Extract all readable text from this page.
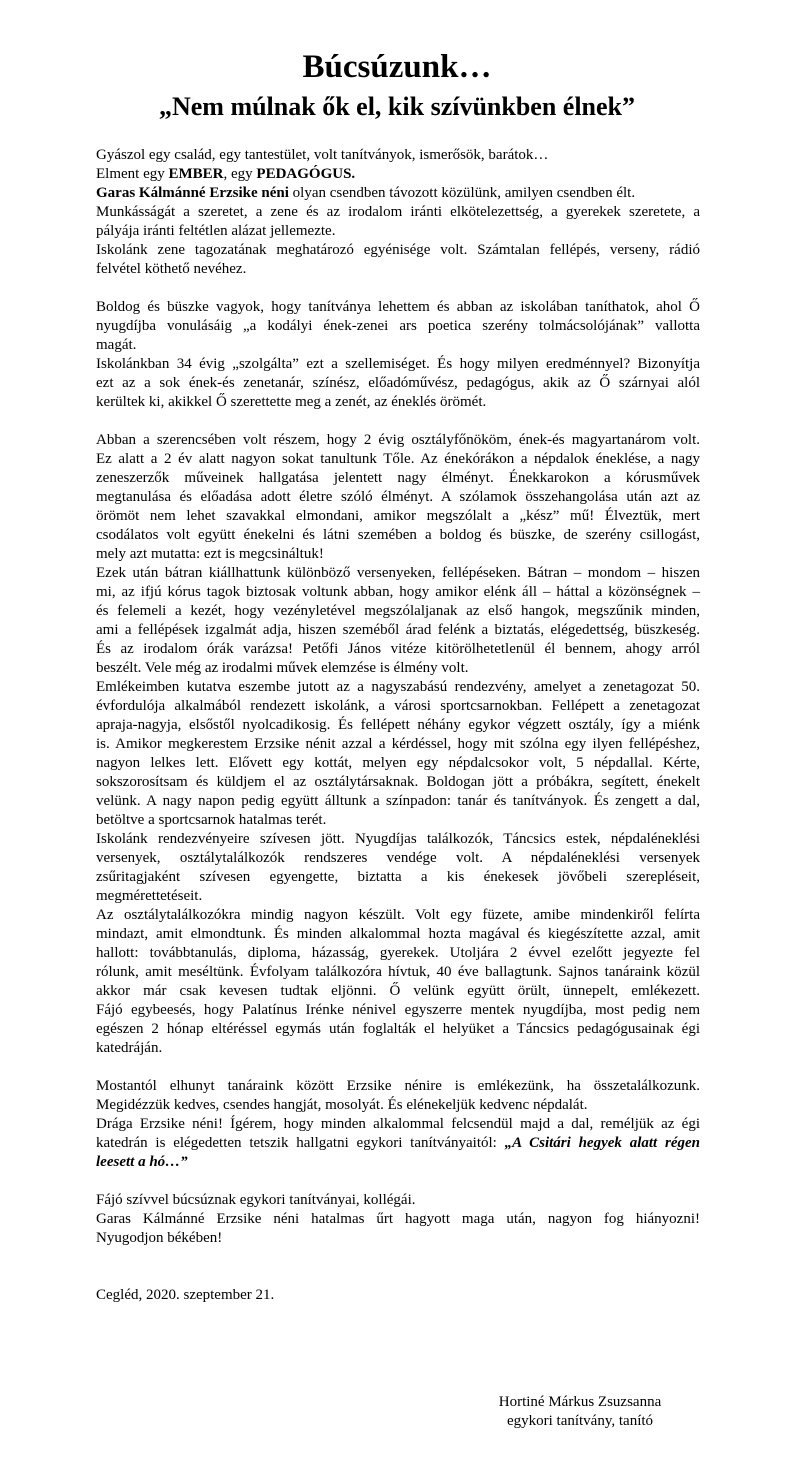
Búcsúzunk…
„Nem múlnak ők el, kik szívünkben élnek”
Gyászol egy család, egy tantestület, volt tanítványok, ismerősök, barátok…
Elment egy EMBER, egy PEDAGÓGUS.
Garas Kálmánné Erzsike néni olyan csendben távozott közülünk, amilyen csendben élt.
Munkásságát a szeretet, a zene és az irodalom iránti elkötelezettség, a gyerekek szeretete, a
pályája iránti feltétlen alázat jellemezte.
Iskolánk zene tagozatának meghatározó egyénisége volt. Számtalan fellépés, verseny, rádió
felvétel köthető nevéhez.
Boldog és büszke vagyok, hogy tanítványa lehettem és abban az iskolában taníthatok, ahol Ő
nyugdíjba vonulásáig „a kodályi ének-zenei ars poetica szerény tolmácsolójának” vallotta
magát.
Iskolánkban 34 évig „szolgálta” ezt a szellemiséget. És hogy milyen eredménnyel? Bizonyítja
ezt az a sok ének-és zenetanár, színész, előadóművész, pedagógus, akik az Ő szárnyai alól
kerültek ki, akikkel Ő szerettette meg a zenét, az éneklés örömét.
Abban a szerencsében volt részem, hogy 2 évig osztályfőnököm, ének-és magyartanárom volt.
Ez alatt a 2 év alatt nagyon sokat tanultunk Tőle. Az énekórákon a népdalok éneklése, a nagy
zeneszerzők műveinek hallgatása jelentett nagy élményt. Énekkarokon a kórusművek
megtanulása és előadása adott életre szóló élményt. A szólamok összehangolása után azt az
örömöt nem lehet szavakkal elmondani, amikor megszólalt a „kész” mű! Élveztük, mert
csodálatos volt együtt énekelni és látni szemében a boldog és büszke, de szerény csillogást,
mely azt mutatta: ezt is megcsináltuk!
Ezek után bátran kiállhattunk különböző versenyeken, fellépéseken. Bátran – mondom – hiszen
mi, az ifjú kórus tagok biztosak voltunk abban, hogy amikor elénk áll – háttal a közönségnek –
és felemeli a kezét, hogy vezényletével megszólaljanak az első hangok, megszűnik minden,
ami a fellépések izgalmát adja, hiszen szeméből árad felénk a biztatás, elégedettség, büszkeség.
És az irodalom órák varázsa! Petőfi János vitéze kitörölhetetlenül él bennem, ahogy arról
beszélt. Vele még az irodalmi művek elemzése is élmény volt.
Emlékeimben kutatva eszembe jutott az a nagyszabású rendezvény, amelyet a zenetagozat 50.
évfordulója alkalmából rendezett iskolánk, a városi sportcsarnokban. Fellépett a zenetagozat
apraja-nagyja, elsőstől nyolcadikosig. És fellépett néhány egykor végzett osztály, így a miénk
is. Amikor megkerestem Erzsike nénit azzal a kérdéssel, hogy mit szólna egy ilyen fellépéshez,
nagyon lelkes lett. Elővett egy kottát, melyen egy népdalcsokor volt, 5 népdallal. Kérte,
sokszorosítsam és küldjem el az osztálytársaknak. Boldogan jött a próbákra, segített, énekelt
velünk. A nagy napon pedig együtt álltunk a színpadon: tanár és tanítványok. És zengett a dal,
betöltve a sportcsarnok hatalmas terét.
Iskolánk rendezvényeire szívesen jött. Nyugdíjas találkozók, Táncsics estek, népdaléneklési
versenyek, osztálytalálkozók rendszeres vendége volt. A népdaléneklési versenyek
zsűritagjaként szívesen egyengette, biztatta a kis énekesek jövőbeli szerepléseit,
megmérettetéseit.
Az osztálytalálkozókra mindig nagyon készült. Volt egy füzete, amibe mindenkiről felírta
mindazt, amit elmondtunk. És minden alkalommal hozta magával és kiegészítette azzal, amit
hallott: továbbtanulás, diploma, házasság, gyerekek. Utoljára 2 évvel ezelőtt jegyezte fel
rólunk, amit meséltünk. Évfolyam találkozóra hívtuk, 40 éve ballagtunk. Sajnos tanáraink közül
akkor már csak kevesen tudtak eljönni. Ő velünk együtt örült, ünnepelt, emlékezett.
Fájó egybeesés, hogy Palatínus Irénke nénivel egyszerre mentek nyugdíjba, most pedig nem
egészen 2 hónap eltéréssel egymás után foglalták el helyüket a Táncsics pedagógusainak égi
katedráján.
Mostantól elhunyt tanáraink között Erzsike nénire is emlékezünk, ha összetalálkozunk.
Megidézzük kedves, csendes hangját, mosolyát. És elénekeljük kedvenc népdalát.
Drága Erzsike néni! Ígérem, hogy minden alkalommal felcsendül majd a dal, reméljük az égi
katedrán is elégedetten tetszik hallgatni egykori tanítványaitól: „A Csitári hegyek alatt régen
leesett a hó…”
Fájó szívvel búcsúznak egykori tanítványai, kollégái.
Garas Kálmánné Erzsike néni hatalmas űrt hagyott maga után, nagyon fog hiányozni!
Nyugodjon békében!
Cegléd, 2020. szeptember 21.
Hortiné Márkus Zsuzsanna
egykori tanítvány, tanító
